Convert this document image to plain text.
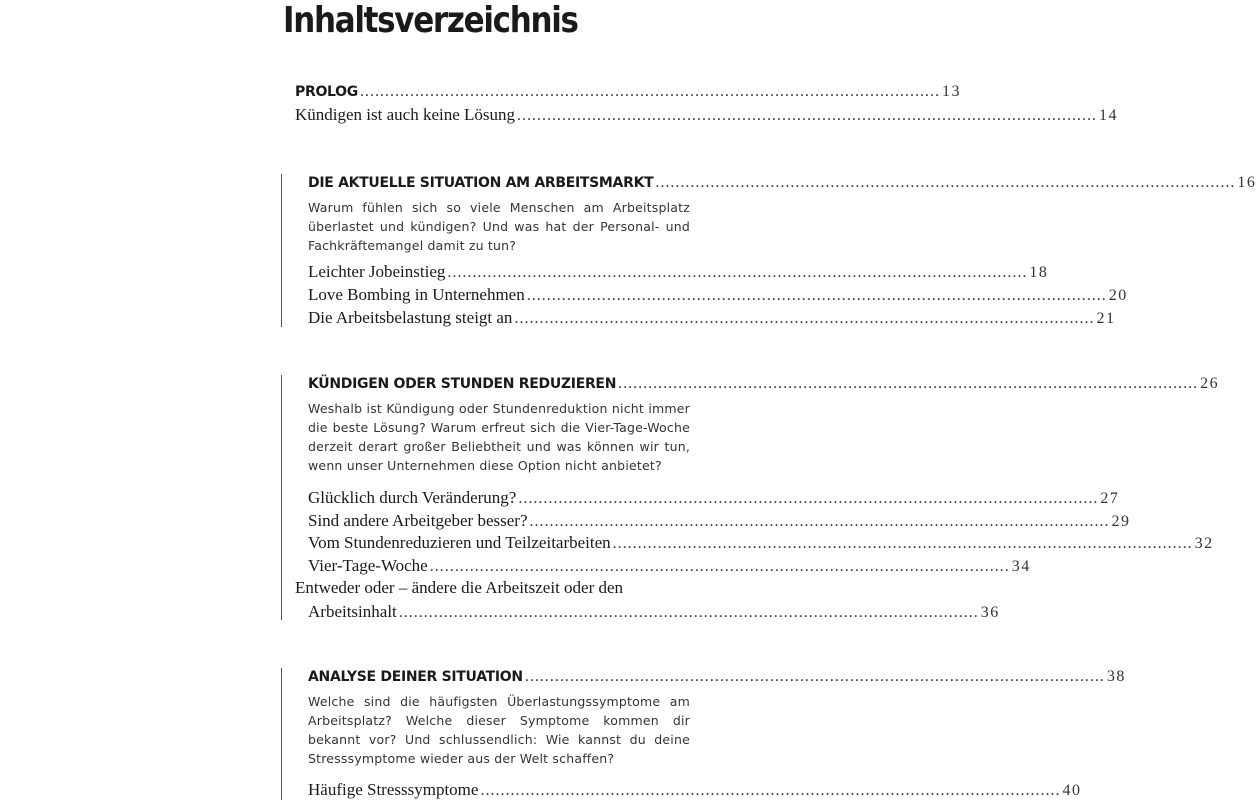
Inhaltsverzeichnis
PROLOG .................................................................................................................... 13
Kündigen ist auch keine Lösung .................................................................................................................... 14
DIE AKTUELLE SITUATION AM ARBEITSMARKT .................................................................................................................... 16

Warum fühlen sich so viele Menschen am Arbeitsplatz überlastet und kündigen? Und was hat der Personal- und Fachkräftemangel damit zu tun?

Leichter Jobeinstieg .................................................................................................................... 18
Love Bombing in Unternehmen .................................................................................................................... 20
Die Arbeitsbelastung steigt an .................................................................................................................... 21
KÜNDIGEN ODER STUNDEN REDUZIEREN .................................................................................................................... 26

Weshalb ist Kündigung oder Stundenreduktion nicht immer die beste Lösung? Warum erfreut sich die Vier-Tage-Woche derzeit derart großer Beliebtheit und was können wir tun, wenn unser Unternehmen diese Option nicht anbietet?

Glücklich durch Veränderung? .................................................................................................................... 27
Sind andere Arbeitgeber besser? .................................................................................................................... 29
Vom Stundenreduzieren und Teilzeitarbeiten .................................................................................................................... 32
Vier-Tage-Woche .................................................................................................................... 34
Entweder oder – ändere die Arbeitszeit oder den
Arbeitsinhalt .................................................................................................................... 36
ANALYSE DEINER SITUATION .................................................................................................................... 38

Welche sind die häufigsten Überlastungssymptome am Arbeitsplatz? Welche dieser Symptome kommen dir bekannt vor? Und schlussendlich: Wie kannst du deine Stresssymptome wieder aus der Welt schaffen?

Häufige Stresssymptome .................................................................................................................... 40
